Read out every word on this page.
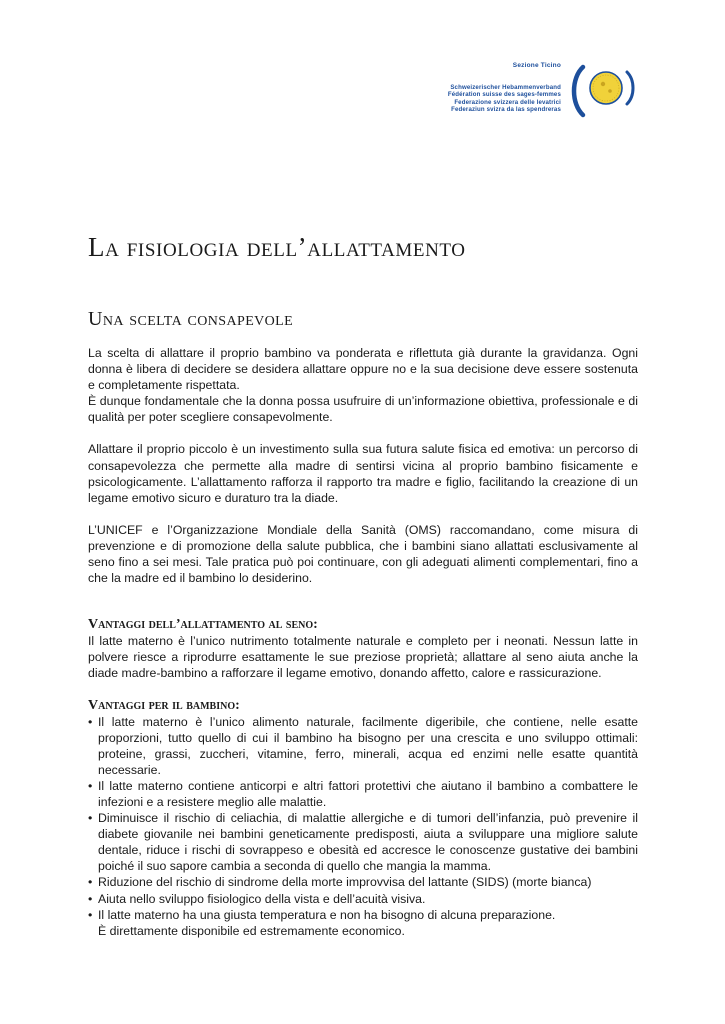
Sezione Ticino
Schweizerischer Hebammenverband
Fédération suisse des sages-femmes
Federazione svizzera delle levatrici
Federaziun svizra da las spendreras
La fisiologia dell’allattamento
Una scelta consapevole

La scelta di allattare il proprio bambino va ponderata e riflettuta già durante la gravidanza. Ogni donna è libera di decidere se desidera allattare oppure no e la sua decisione deve essere sostenuta e completamente rispettata.

È dunque fondamentale che la donna possa usufruire di un’informazione obiettiva, professionale e di qualità per poter scegliere consapevolmente.

Allattare il proprio piccolo è un investimento sulla sua futura salute fisica ed emotiva: un percorso di consapevolezza che permette alla madre di sentirsi vicina al proprio bambino fisicamente e psicologicamente. L’allattamento rafforza il rapporto tra madre e figlio, facilitando la creazione di un legame emotivo sicuro e duraturo tra la diade.

L’UNICEF e l’Organizzazione Mondiale della Sanità (OMS) raccomandano, come misura di prevenzione e di promozione della salute pubblica, che i bambini siano allattati esclusivamente al seno fino a sei mesi. Tale pratica può poi continuare, con gli adeguati alimenti complementari, fino a che la madre ed il bambino lo desiderino.

Vantaggi dell’allattamento al seno:

Il latte materno è l’unico nutrimento totalmente naturale e completo per i neonati. Nessun latte in polvere riesce a riprodurre esattamente le sue preziose proprietà; allattare al seno aiuta anche la diade madre-bambino a rafforzare il legame emotivo, donando affetto, calore e rassicurazione.

Vantaggi per il bambino:
• Il latte materno è l’unico alimento naturale, facilmente digeribile, che contiene, nelle esatte proporzioni, tutto quello di cui il bambino ha bisogno per una crescita e uno sviluppo ottimali: proteine, grassi, zuccheri, vitamine, ferro, minerali, acqua ed enzimi nelle esatte quantità necessarie.
• Il latte materno contiene anticorpi e altri fattori protettivi che aiutano il bambino a combattere le infezioni e a resistere meglio alle malattie.
• Diminuisce il rischio di celiachia, di malattie allergiche e di tumori dell’infanzia, può prevenire il diabete giovanile nei bambini geneticamente predisposti, aiuta a sviluppare una migliore salute dentale, riduce i rischi di sovrappeso e obesità ed accresce le conoscenze gustative dei bambini poiché il suo sapore cambia a seconda di quello che mangia la mamma.
• Riduzione del rischio di sindrome della morte improvvisa del lattante (SIDS) (morte bianca)
• Aiuta nello sviluppo fisiologico della vista e dell’acuità visiva.
• Il latte materno ha una giusta temperatura e non ha bisogno di alcuna preparazione.

È direttamente disponibile ed estremamente economico.
